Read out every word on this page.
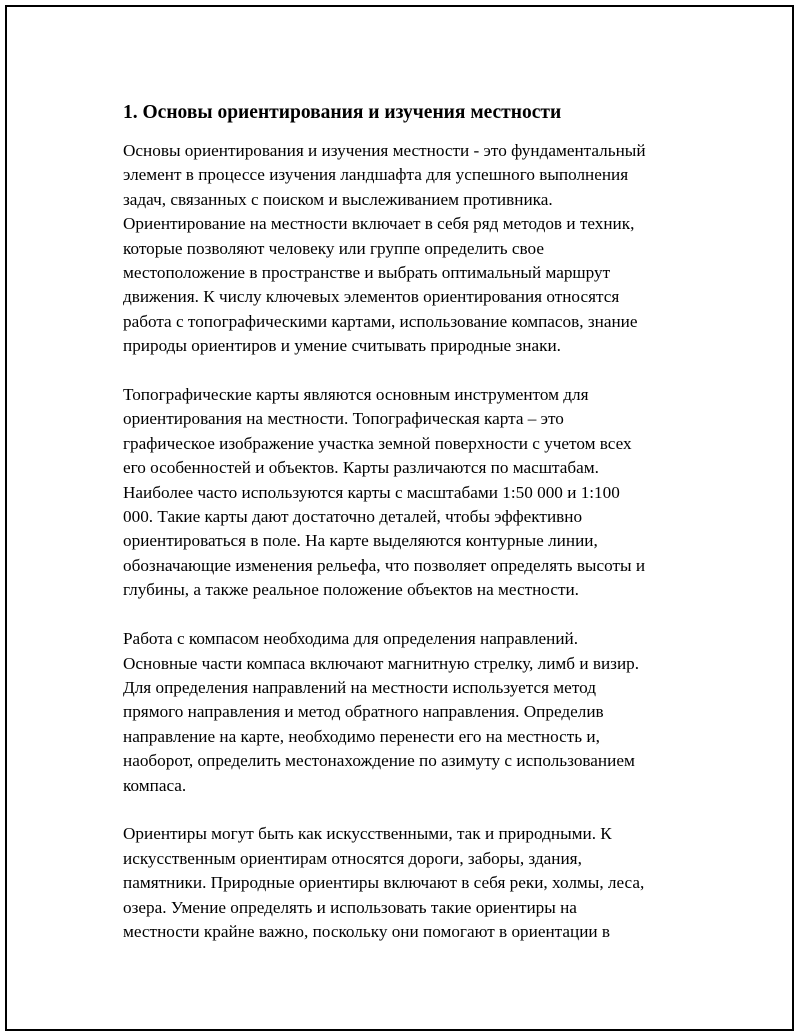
1. Основы ориентирования и изучения местности
Основы ориентирования и изучения местности - это фундаментальный
элемент в процессе изучения ландшафта для успешного выполнения
задач, связанных с поиском и выслеживанием противника.
Ориентирование на местности включает в себя ряд методов и техник,
которые позволяют человеку или группе определить свое
местоположение в пространстве и выбрать оптимальный маршрут
движения. К числу ключевых элементов ориентирования относятся
работа с топографическими картами, использование компасов, знание
природы ориентиров и умение считывать природные знаки.
Топографические карты являются основным инструментом для
ориентирования на местности. Топографическая карта – это
графическое изображение участка земной поверхности с учетом всех
его особенностей и объектов. Карты различаются по масштабам.
Наиболее часто используются карты с масштабами 1:50 000 и 1:100
000. Такие карты дают достаточно деталей, чтобы эффективно
ориентироваться в поле. На карте выделяются контурные линии,
обозначающие изменения рельефа, что позволяет определять высоты и
глубины, а также реальное положение объектов на местности.
Работа с компасом необходима для определения направлений.
Основные части компаса включают магнитную стрелку, лимб и визир.
Для определения направлений на местности используется метод
прямого направления и метод обратного направления. Определив
направление на карте, необходимо перенести его на местность и,
наоборот, определить местонахождение по азимуту с использованием
компаса.
Ориентиры могут быть как искусственными, так и природными. К
искусственным ориентирам относятся дороги, заборы, здания,
памятники. Природные ориентиры включают в себя реки, холмы, леса,
озера. Умение определять и использовать такие ориентиры на
местности крайне важно, поскольку они помогают в ориентации в
